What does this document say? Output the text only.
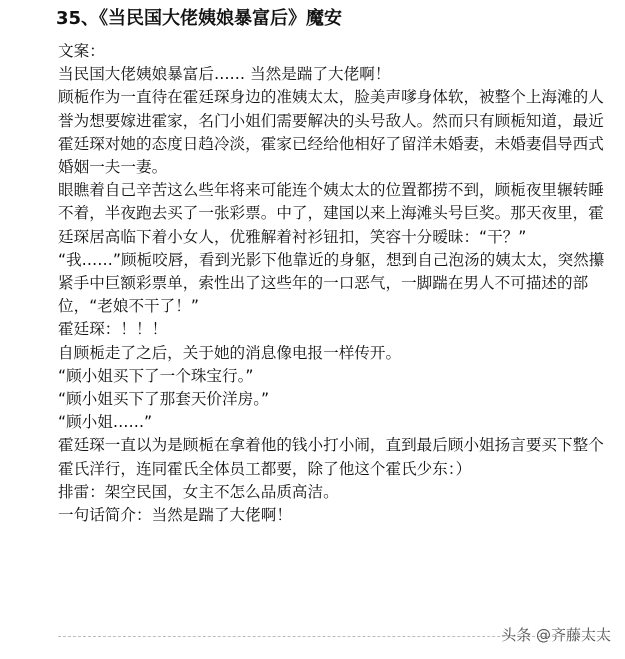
35、《当民国大佬姨娘暴富后》魔安

文案：

当民国大佬姨娘暴富后…… 当然是踹了大佬啊！

顾栀作为一直待在霍廷琛身边的准姨太太，脸美声嗲身体软，被整个上海滩的人誉为想要嫁进霍家，名门小姐们需要解决的头号敌人。然而只有顾栀知道，最近霍廷琛对她的态度日趋冷淡，霍家已经给他相好了留洋未婚妻，未婚妻倡导西式婚姻一夫一妻。

眼瞧着自己辛苦这么些年将来可能连个姨太太的位置都捞不到，顾栀夜里辗转睡不着，半夜跑去买了一张彩票。中了，建国以来上海滩头号巨奖。那天夜里，霍廷琛居高临下着小女人，优雅解着衬衫钮扣，笑容十分暧昧：“干？”

“我……”顾栀咬唇，看到光影下他靠近的身躯，想到自己泡汤的姨太太，突然攥紧手中巨额彩票单，索性出了这些年的一口恶气，一脚踹在男人不可描述的部位，“老娘不干了！”

霍廷琛：！！！

自顾栀走了之后，关于她的消息像电报一样传开。

“顾小姐买下了一个珠宝行。”

“顾小姐买下了那套天价洋房。”

“顾小姐……”

霍廷琛一直以为是顾栀在拿着他的钱小打小闹，直到最后顾小姐扬言要买下整个霍氏洋行，连同霍氏全体员工都要，除了他这个霍氏少东：）

排雷：架空民国，女主不怎么品质高洁。

一句话简介：当然是踹了大佬啊！

头条 @齐藤太太
